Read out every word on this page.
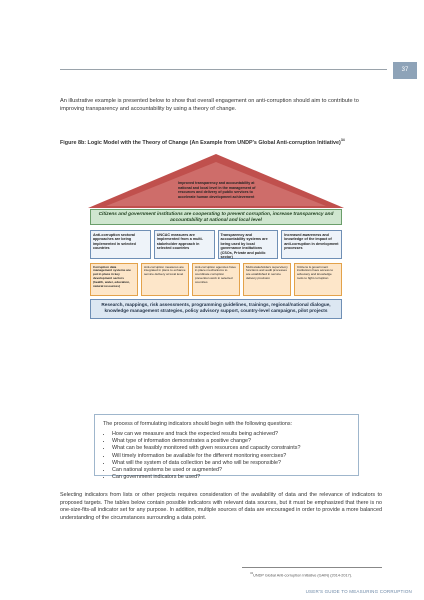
37
An illustrative example is presented below to show that overall engagement on anti-corruption should aim to contribute to improving transparency and accountability by using a theory of change.
Figure 8b: Logic Model with the Theory of Change (An Example from UNDP's Global Anti-corruption Initiative)$^{34}$
Improved transparency and accountability at national and local level in the management of resources and delivery of public services to accelerate human development achievement
Citizens and government institutions are cooperating to prevent corruption, increase transparency and accountability at national and local level
Anti-corruption sectoral approaches are being implemented in selected countries
UNCAC measures are implemented from a multi-stakeholder approach in selected countries
Transparency and accountability systems are being used by local governance institutions (CSOs, Private and public sector)
Increased awareness and knowledge of the impact of anti-corruption in development processes
Corruption data management systems are put in place in key development sectors (health, water, education, natural resources)
Anti-corruption measures are integrated in plans to enhance service delivery at local level
Anti-corruption agencies have in place mechanisms to coordinate corruption prevention work in selected countries
Multi-stakeholders supervisory functions and audit processes are established in service delivery provision
Citizens & government institutions have access to advocacy and knowledge tools to fight corruption
Research, mappings, risk assessments, programming guidelines, trainings, regional/national dialogue, knowledge management strategies, policy advisory support, country-level campaigns, pilot projects
The process of formulating indicators should begin with the following questions:
• How can we measure and track the expected results being achieved?
• What type of information demonstrates a positive change?
• What can be feasibly monitored with given resources and capacity constraints?
• Will timely information be available for the different monitoring exercises?
• What will the system of data collection be and who will be responsible?
• Can national systems be used or augmented?
• Can government indicators be used?
Selecting indicators from lists or other projects requires consideration of the availability of data and the relevance of indicators to proposed targets. The tables below contain possible indicators with relevant data sources, but it must be emphasized that there is no one-size-fits-all indicator set for any purpose. In addition, multiple sources of data are encouraged in order to provide a more balanced understanding of the circumstances surrounding a data point.
$^{34}$UNDP Global Anti-corruption Initiative (GAIN) (2014-2017).
USER'S GUIDE TO MEASURING CORRUPTION
